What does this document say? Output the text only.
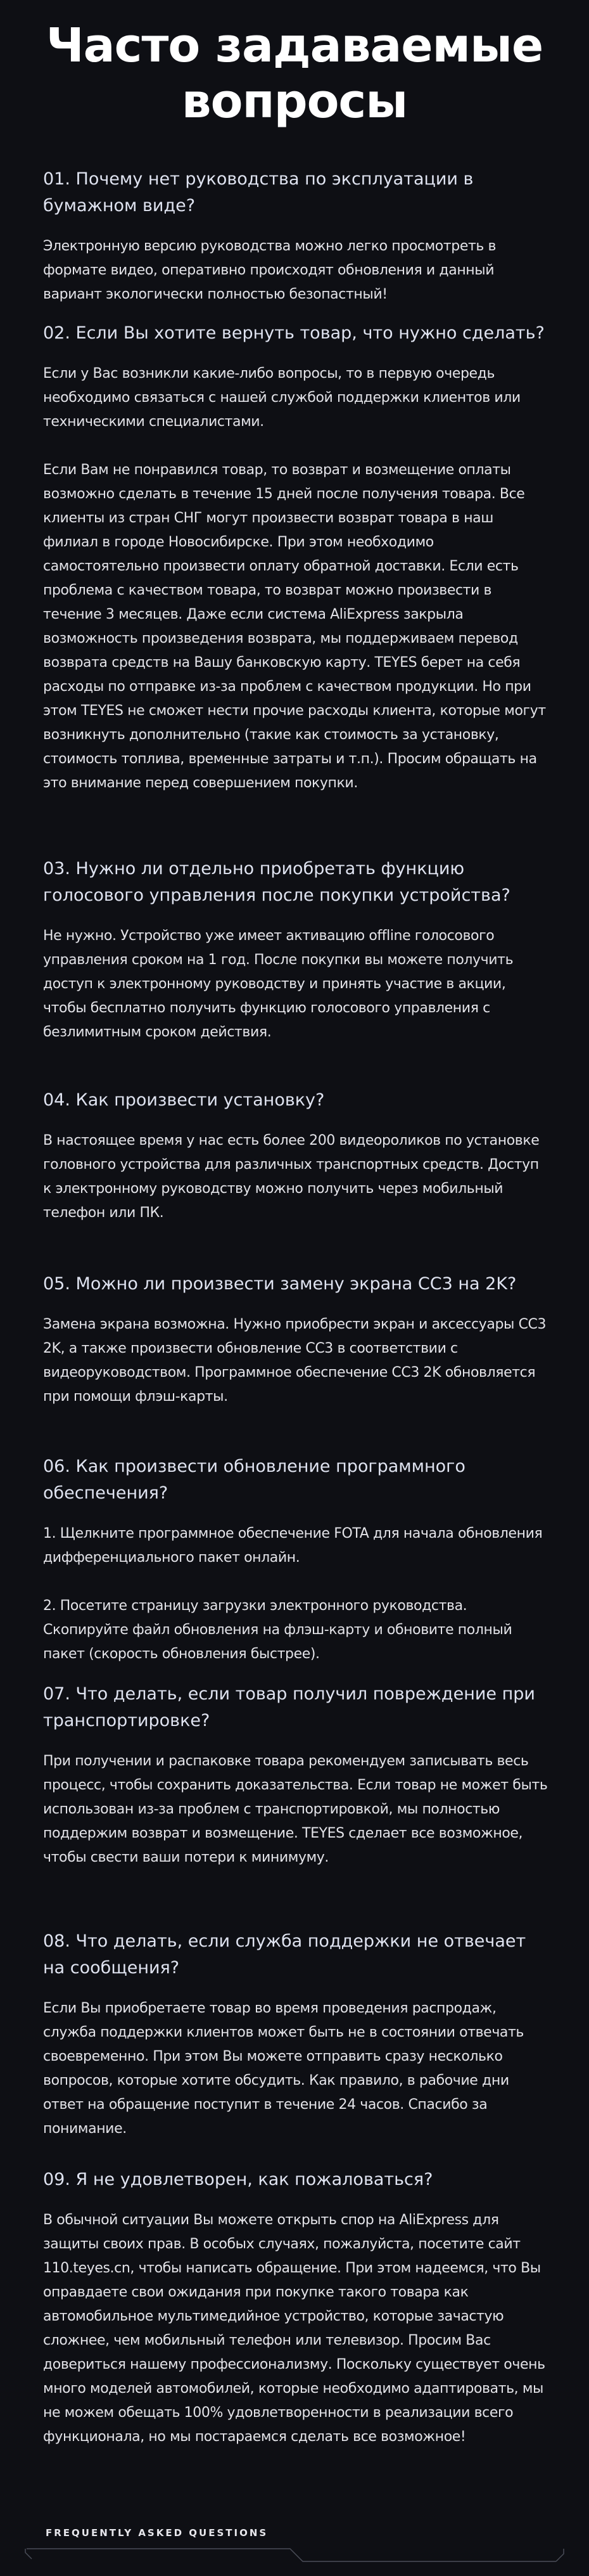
Часто задаваемые
вопросы
01. Почему нет руководства по эксплуатации в бумажном виде?

Электронную версию руководства можно легко просмотреть в формате видео, оперативно происходят обновления и данный вариант экологически полностью безопастный!

02. Если Вы хотите вернуть товар, что нужно сделать?

Если у Вас возникли какие-либо вопросы, то в первую очередь необходимо связаться с нашей службой поддержки клиентов или техническими специалистами.

Если Вам не понравился товар, то возврат и возмещение оплаты возможно сделать в течение 15 дней после получения товара. Все клиенты из стран СНГ могут произвести возврат товара в наш филиал в городе Новосибирске. При этом необходимо самостоятельно произвести оплату обратной доставки. Если есть проблема с качеством товара, то возврат можно произвести в течение 3 месяцев. Даже если система AliExpress закрыла возможность произведения возврата, мы поддерживаем перевод возврата средств на Вашу банковскую карту. TEYES берет на себя расходы по отправке из-за проблем с качеством продукции. Но при этом TEYES не сможет нести прочие расходы клиента, которые могут возникнуть дополнительно (такие как стоимость за установку, стоимость топлива, временные затраты и т.п.). Просим обращать на это внимание перед совершением покупки.

03. Нужно ли отдельно приобретать функцию голосового управления после покупки устройства?

Не нужно. Устройство уже имеет активацию offline голосового управления сроком на 1 год. После покупки вы можете получить доступ к электронному руководству и принять участие в акции, чтобы бесплатно получить функцию голосового управления с безлимитным сроком действия.

04. Как произвести установку?

В настоящее время у нас есть более 200 видеороликов по установке головного устройства для различных транспортных средств. Доступ к электронному руководству можно получить через мобильный телефон или ПК.

05. Можно ли произвести замену экрана CC3 на 2K?

Замена экрана возможна. Нужно приобрести экран и аксессуары CC3 2K, а также произвести обновление CC3 в соответствии с видеоруководством. Программное обеспечение CC3 2K обновляется при помощи флэш-карты.

06. Как произвести обновление программного обеспечения?

1. Щелкните программное обеспечение FOTA для начала обновления дифференциального пакет онлайн.

2. Посетите страницу загрузки электронного руководства. Скопируйте файл обновления на флэш-карту и обновите полный пакет (скорость обновления быстрее).

07. Что делать, если товар получил повреждение при транспортировке?

При получении и распаковке товара рекомендуем записывать весь процесс, чтобы сохранить доказательства. Если товар не может быть использован из-за проблем с транспортировкой, мы полностью поддержим возврат и возмещение. TEYES сделает все возможное, чтобы свести ваши потери к минимуму.

08. Что делать, если служба поддержки не отвечает на сообщения?

Если Вы приобретаете товар во время проведения распродаж, служба поддержки клиентов может быть не в состоянии отвечать своевременно. При этом Вы можете отправить сразу несколько вопросов, которые хотите обсудить. Как правило, в рабочие дни ответ на обращение поступит в течение 24 часов. Спасибо за понимание.

09. Я не удовлетворен, как пожаловаться?

В обычной ситуации Вы можете открыть спор на AliExpress для защиты своих прав. В особых случаях, пожалуйста, посетите сайт 110.teyes.cn, чтобы написать обращение. При этом надеемся, что Вы оправдаете свои ожидания при покупке такого товара как автомобильное мультимедийное устройство, которые зачастую сложнее, чем мобильный телефон или телевизор. Просим Вас довериться нашему профессионализму. Поскольку существует очень много моделей автомобилей, которые необходимо адаптировать, мы не можем обещать 100% удовлетворенности в реализации всего функционала, но мы постараемся сделать все возможное!

FREQUENTLY ASKED QUESTIONS
